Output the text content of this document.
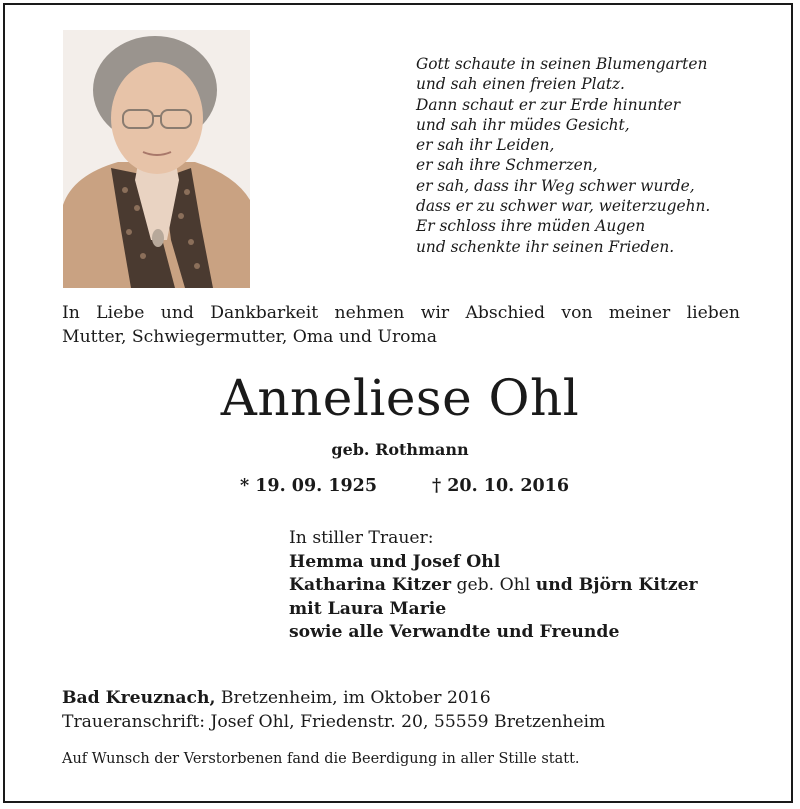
Gott schaute in seinen Blumengarten
und sah einen freien Platz.
Dann schaut er zur Erde hinunter
und sah ihr müdes Gesicht,
er sah ihr Leiden,
er sah ihre Schmerzen,
er sah, dass ihr Weg schwer wurde,
dass er zu schwer war, weiterzugehn.
Er schloss ihre müden Augen
und schenkte ihr seinen Frieden.
In Liebe und Dankbarkeit nehmen wir Abschied von meiner lieben
Mutter, Schwiegermutter, Oma und Uroma
Anneliese Ohl
geb. Rothmann
* 19. 09. 1925	† 20. 10. 2016
In stiller Trauer:
Hemma und Josef Ohl
Katharina Kitzer geb. Ohl und Björn Kitzer
mit Laura Marie
sowie alle Verwandte und Freunde
Bad Kreuznach, Bretzenheim, im Oktober 2016
Traueranschrift: Josef Ohl, Friedenstr. 20, 55559 Bretzenheim
Auf Wunsch der Verstorbenen fand die Beerdigung in aller Stille statt.
